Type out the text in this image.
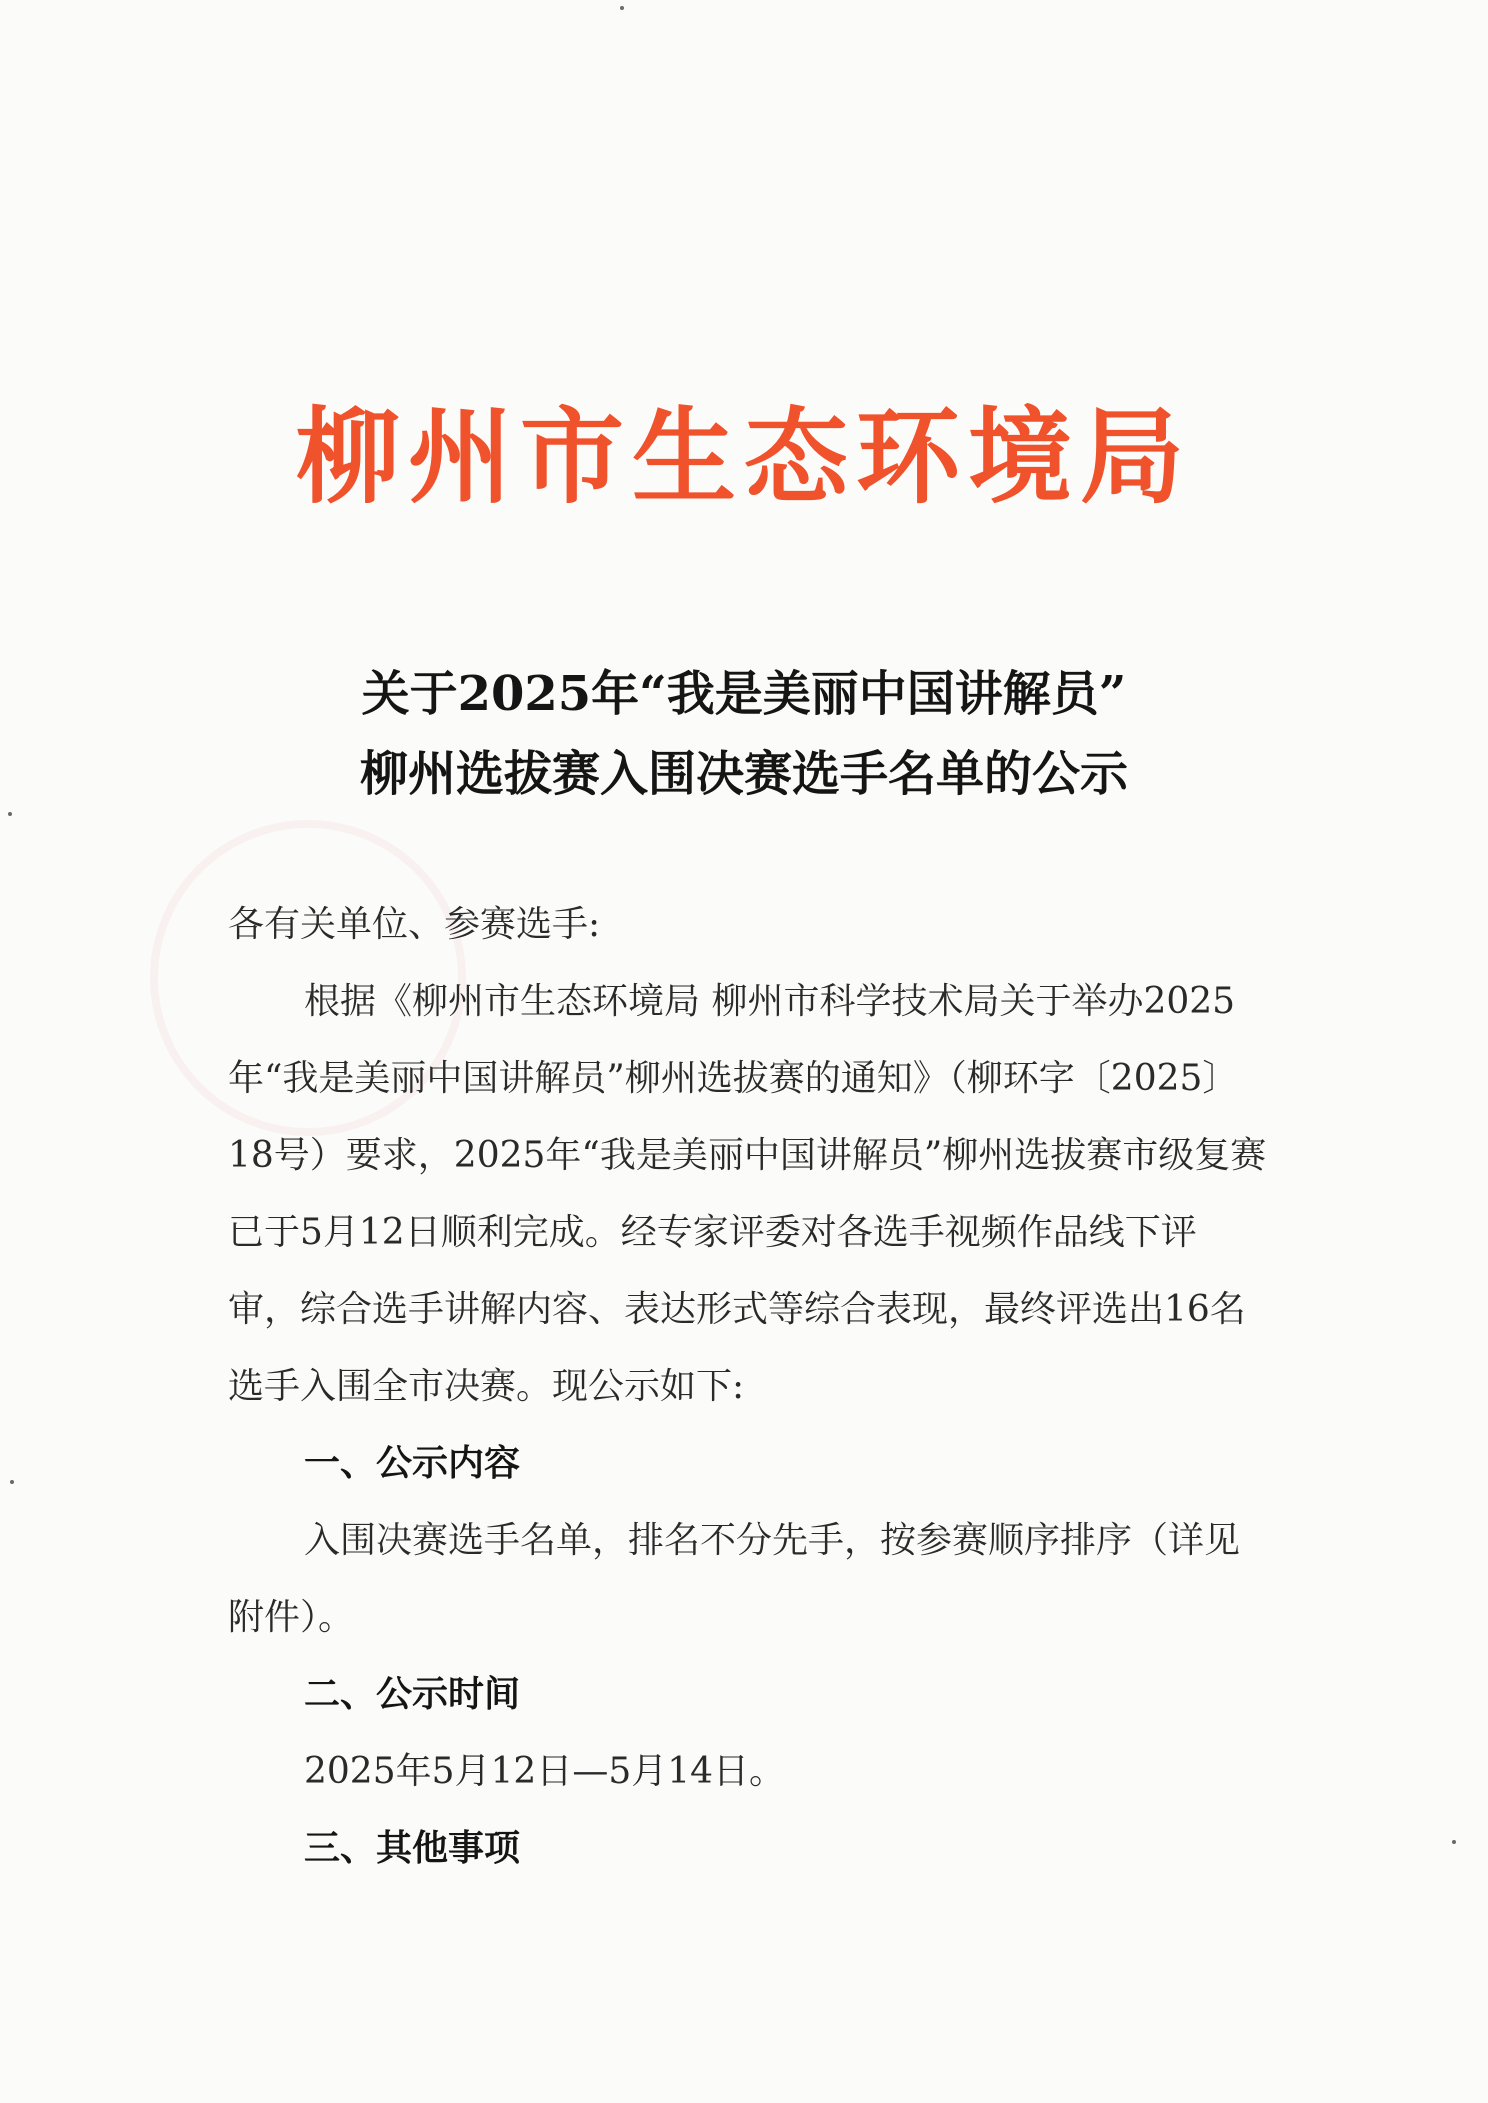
柳州市生态环境局
关于2025年“我是美丽中国讲解员”
柳州选拔赛入围决赛选手名单的公示

各有关单位、参赛选手:

根据《柳州市生态环境局 柳州市科学技术局关于举办2025年“我是美丽中国讲解员”柳州选拔赛的通知》（柳环字〔2025〕18号）要求，2025年“我是美丽中国讲解员”柳州选拔赛市级复赛已于5月12日顺利完成。经专家评委对各选手视频作品线下评审，综合选手讲解内容、表达形式等综合表现，最终评选出16名选手入围全市决赛。现公示如下:

一、公示内容

入围决赛选手名单，排名不分先手，按参赛顺序排序（详见附件）。

二、公示时间

2025年5月12日—5月14日。

三、其他事项
